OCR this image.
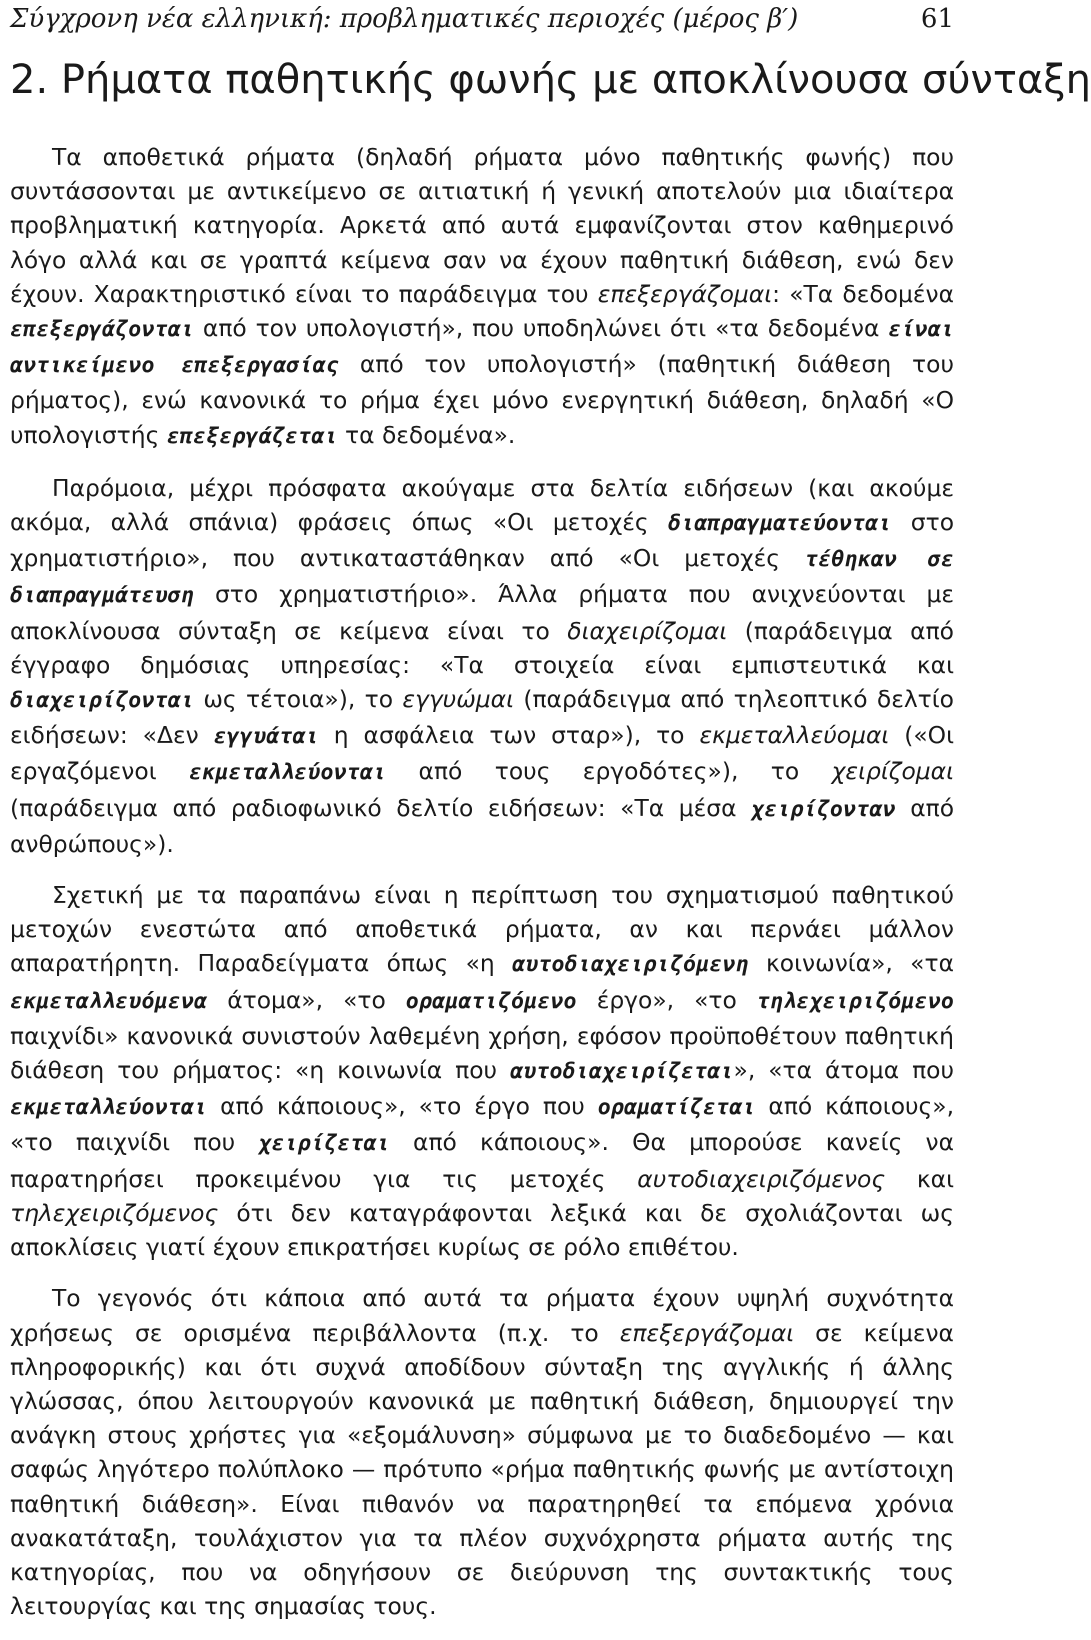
Σύγχρονη νέα ελληνική: προβληματικές περιοχές (μέρος β′)	61
2. Ρήματα παθητικής φωνής με αποκλίνουσα σύνταξη

Τα αποθετικά ρήματα (δηλαδή ρήματα μόνο παθητικής φωνής) που συντάσσονται με αντικείμενο σε αιτιατική ή γενική αποτελούν μια ιδιαίτερα προβληματική κατηγορία. Αρκετά από αυτά εμφανίζονται στον καθημερινό λόγο αλλά και σε γραπτά κείμενα σαν να έχουν παθητική διάθεση, ενώ δεν έχουν. Χαρακτηριστικό είναι το παράδειγμα του επεξεργάζομαι: «Τα δεδομένα επεξεργάζονται από τον υπολογιστή», που υποδηλώνει ότι «τα δεδομένα είναι αντικείμενο επεξεργασίας από τον υπολογιστή» (παθητική διάθεση του ρήματος), ενώ κανονικά το ρήμα έχει μόνο ενεργητική διάθεση, δηλαδή «Ο υπολογιστής επεξεργάζεται τα δεδομένα».

Παρόμοια, μέχρι πρόσφατα ακούγαμε στα δελτία ειδήσεων (και ακούμε ακόμα, αλλά σπάνια) φράσεις όπως «Οι μετοχές διαπραγματεύονται στο χρηματιστήριο», που αντικαταστάθηκαν από «Οι μετοχές τέθηκαν σε διαπραγμάτευση στο χρηματιστήριο». Άλλα ρήματα που ανιχνεύονται με αποκλίνουσα σύνταξη σε κείμενα είναι το διαχειρίζομαι (παράδειγμα από έγγραφο δημόσιας υπηρεσίας: «Τα στοιχεία είναι εμπιστευτικά και διαχειρίζονται ως τέτοια»), το εγγυώμαι (παράδειγμα από τηλεοπτικό δελτίο ειδήσεων: «Δεν εγγυάται η ασφάλεια των σταρ»), το εκμεταλλεύομαι («Οι εργαζόμενοι εκμεταλλεύονται από τους εργοδότες»), το χειρίζομαι (παράδειγμα από ραδιοφωνικό δελτίο ειδήσεων: «Τα μέσα χειρίζονταν από ανθρώπους»).

Σχετική με τα παραπάνω είναι η περίπτωση του σχηματισμού παθητικού μετοχών ενεστώτα από αποθετικά ρήματα, αν και περνάει μάλλον απαρατήρητη. Παραδείγματα όπως «η αυτοδιαχειριζόμενη κοινωνία», «τα εκμεταλλευόμενα άτομα», «το οραματιζόμενο έργο», «το τηλεχειριζόμενο παιχνίδι» κανονικά συνιστούν λαθεμένη χρήση, εφόσον προϋποθέτουν παθητική διάθεση του ρήματος: «η κοινωνία που αυτοδιαχειρίζεται», «τα άτομα που εκμεταλλεύονται από κάποιους», «το έργο που οραματίζεται από κάποιους», «το παιχνίδι που χειρίζεται από κάποιους». Θα μπορούσε κανείς να παρατηρήσει προκειμένου για τις μετοχές αυτοδιαχειριζόμενος και τηλεχειριζόμενος ότι δεν καταγράφονται λεξικά και δε σχολιάζονται ως αποκλίσεις γιατί έχουν επικρατήσει κυρίως σε ρόλο επιθέτου.

Το γεγονός ότι κάποια από αυτά τα ρήματα έχουν υψηλή συχνότητα χρήσεως σε ορισμένα περιβάλλοντα (π.χ. το επεξεργάζομαι σε κείμενα πληροφορικής) και ότι συχνά αποδίδουν σύνταξη της αγγλικής ή άλλης γλώσσας, όπου λειτουργούν κανονικά με παθητική διάθεση, δημιουργεί την ανάγκη στους χρήστες για «εξομάλυνση» σύμφωνα με το διαδεδομένο — και σαφώς ληγότερο πολύπλοκο — πρότυπο «ρήμα παθητικής φωνής με αντίστοιχη παθητική διάθεση». Είναι πιθανόν να παρατηρηθεί τα επόμενα χρόνια ανακατάταξη, τουλάχιστον για τα πλέον συχνόχρηστα ρήματα αυτής της κατηγορίας, που να οδηγήσουν σε διεύρυνση της συντακτικής τους λειτουργίας και της σημασίας τους.
